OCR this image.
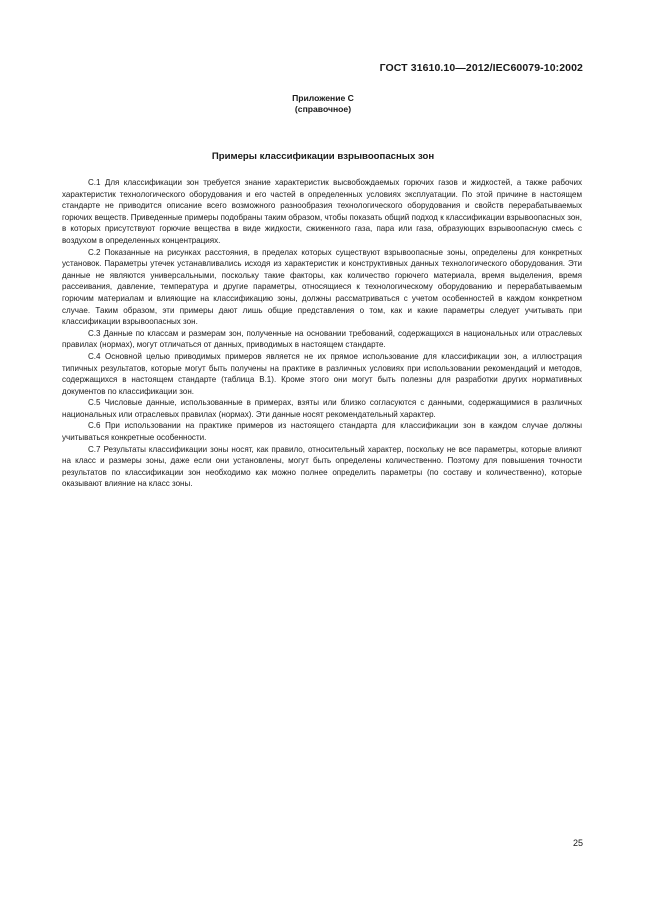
ГОСТ 31610.10—2012/IEC60079-10:2002
Приложение С
(справочное)
Примеры классификации взрывоопасных зон

С.1 Для классификации зон требуется знание характеристик высвобождаемых горючих газов и жидкостей, а также рабочих характеристик технологического оборудования и его частей в определенных условиях эксплуатации. По этой причине в настоящем стандарте не приводится описание всего возможного разнообразия технологического оборудования и свойств перерабатываемых горючих веществ. Приведенные примеры подобраны таким образом, чтобы показать общий подход к классификации взрывоопасных зон, в которых присутствуют горючие вещества в виде жидкости, сжиженного газа, пара или газа, образующих взрывоопасную смесь с воздухом в определенных концентрациях.

С.2 Показанные на рисунках расстояния, в пределах которых существуют взрывоопасные зоны, определены для конкретных установок. Параметры утечек устанавливались исходя из характеристик и конструктивных данных технологического оборудования. Эти данные не являются универсальными, поскольку такие факторы, как количество горючего материала, время выделения, время рассеивания, давление, температура и другие параметры, относящиеся к технологическому оборудованию и перерабатываемым горючим материалам и влияющие на классификацию зоны, должны рассматриваться с учетом особенностей в каждом конкретном случае. Таким образом, эти примеры дают лишь общие представления о том, как и какие параметры следует учитывать при классификации взрывоопасных зон.

С.3 Данные по классам и размерам зон, полученные на основании требований, содержащихся в национальных или отраслевых правилах (нормах), могут отличаться от данных, приводимых в настоящем стандарте.

С.4 Основной целью приводимых примеров является не их прямое использование для классификации зон, а иллюстрация типичных результатов, которые могут быть получены на практике в различных условиях при использовании рекомендаций и методов, содержащихся в настоящем стандарте (таблица В.1). Кроме этого они могут быть полезны для разработки других нормативных документов по классификации зон.

С.5 Числовые данные, использованные в примерах, взяты или близко согласуются с данными, содержащимися в различных национальных или отраслевых правилах (нормах). Эти данные носят рекомендательный характер.

С.6 При использовании на практике примеров из настоящего стандарта для классификации зон в каждом случае должны учитываться конкретные особенности.

С.7 Результаты классификации зоны носят, как правило, относительный характер, поскольку не все параметры, которые влияют на класс и размеры зоны, даже если они установлены, могут быть определены количественно. Поэтому для повышения точности результатов по классификации зон необходимо как можно полнее определить параметры (по составу и количественно), которые оказывают влияние на класс зоны.

25
